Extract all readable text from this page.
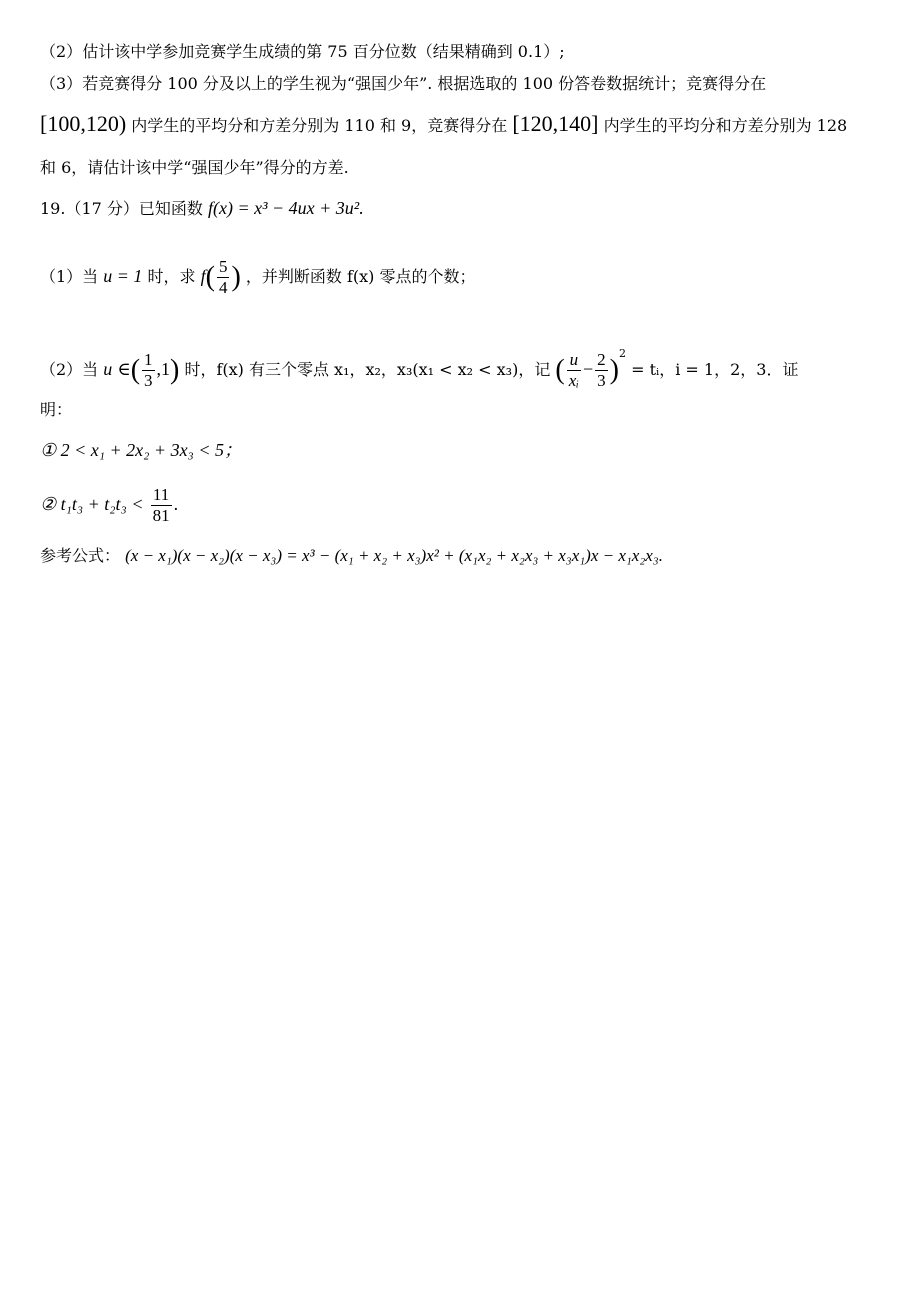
（2）估计该中学参加竞赛学生成绩的第 75 百分位数（结果精确到 0.1）;
（3）若竞赛得分 100 分及以上的学生视为“强国少年”. 根据选取的 100 份答卷数据统计；竞赛得分在
[100,120) 内学生的平均分和方差分别为 110 和 9，竞赛得分在 [120,140] 内学生的平均分和方差分别为 128
和 6，请估计该中学“强国少年”得分的方差.
19.（17 分）已知函数 f(x) = x³ − 4ux + 3u².
（1）当 u = 1 时，求 $f( \frac{5}{4}$ ) ，并判断函数 f(x) 零点的个数；
（2）当 u ∈( $\frac{1}{3} ,1$) 时，f(x) 有三个零点 x₁，x₂，x₃(x₁ < x₂ < x₃)，记 ( $\frac{u}{\text{xᵢ}} - \frac{2}{3} )^2$ = tᵢ，i = 1，2，3．证
明：
① 2 < x₁ + 2x₂ + 3x₃ < 5；
② $t_1t_3 + t_2t_3 < \frac{11}{81}$ .
参考公式： (x − x₁)(x − x₂)(x − x₃) = x³ − (x₁ + x₂ + x₃)x² + (x₁x₂ + x₂x₃ + x₃x₁)x − x₁x₂x₃.
